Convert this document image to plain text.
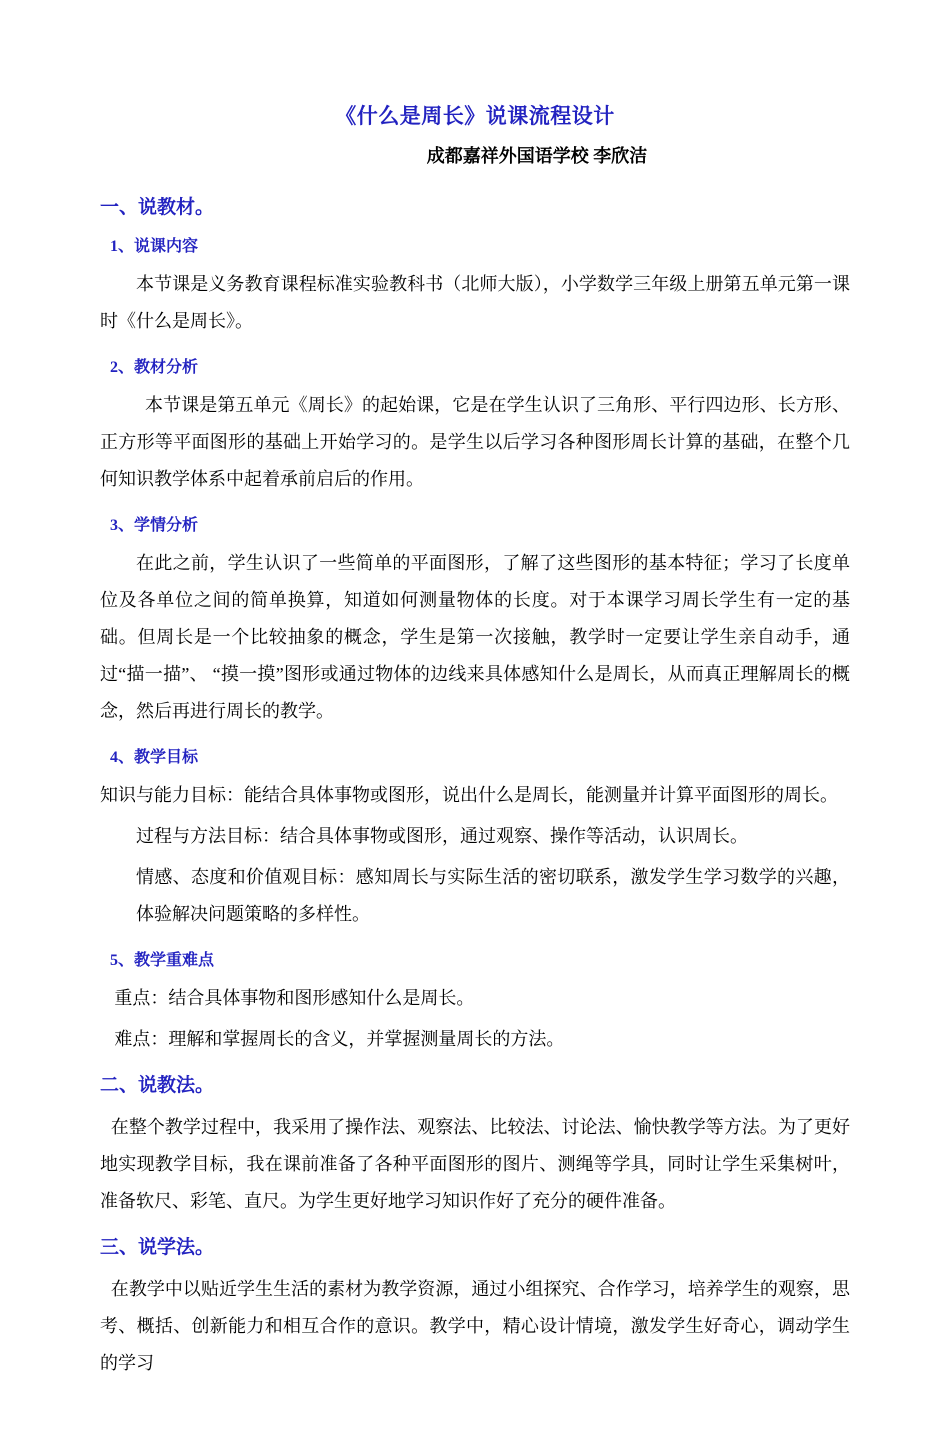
《什么是周长》说课流程设计
成都嘉祥外国语学校 李欣洁
一、说教材。
1、说课内容

本节课是义务教育课程标准实验教科书（北师大版），小学数学三年级上册第五单元第一课时《什么是周长》。

2、教材分析

本节课是第五单元《周长》的起始课，它是在学生认识了三角形、平行四边形、长方形、正方形等平面图形的基础上开始学习的。是学生以后学习各种图形周长计算的基础，在整个几何知识教学体系中起着承前启后的作用。

3、学情分析

在此之前，学生认识了一些简单的平面图形，了解了这些图形的基本特征；学习了长度单位及各单位之间的简单换算，知道如何测量物体的长度。对于本课学习周长学生有一定的基础。但周长是一个比较抽象的概念，学生是第一次接触，教学时一定要让学生亲自动手，通过“描一描”、 “摸一摸”图形或通过物体的边线来具体感知什么是周长，从而真正理解周长的概念，然后再进行周长的教学。

4、教学目标

知识与能力目标：能结合具体事物或图形，说出什么是周长，能测量并计算平面图形的周长。

过程与方法目标：结合具体事物或图形，通过观察、操作等活动，认识周长。

情感、态度和价值观目标：感知周长与实际生活的密切联系，激发学生学习数学的兴趣，体验解决问题策略的多样性。

5、教学重难点

重点：结合具体事物和图形感知什么是周长。

难点：理解和掌握周长的含义，并掌握测量周长的方法。

二、说教法。

在整个教学过程中，我采用了操作法、观察法、比较法、讨论法、愉快教学等方法。为了更好地实现教学目标，我在课前准备了各种平面图形的图片、测绳等学具，同时让学生采集树叶，准备软尺、彩笔、直尺。为学生更好地学习知识作好了充分的硬件准备。

三、说学法。

在教学中以贴近学生生活的素材为教学资源，通过小组探究、合作学习，培养学生的观察，思考、概括、创新能力和相互合作的意识。教学中，精心设计情境，激发学生好奇心，调动学生的学习
